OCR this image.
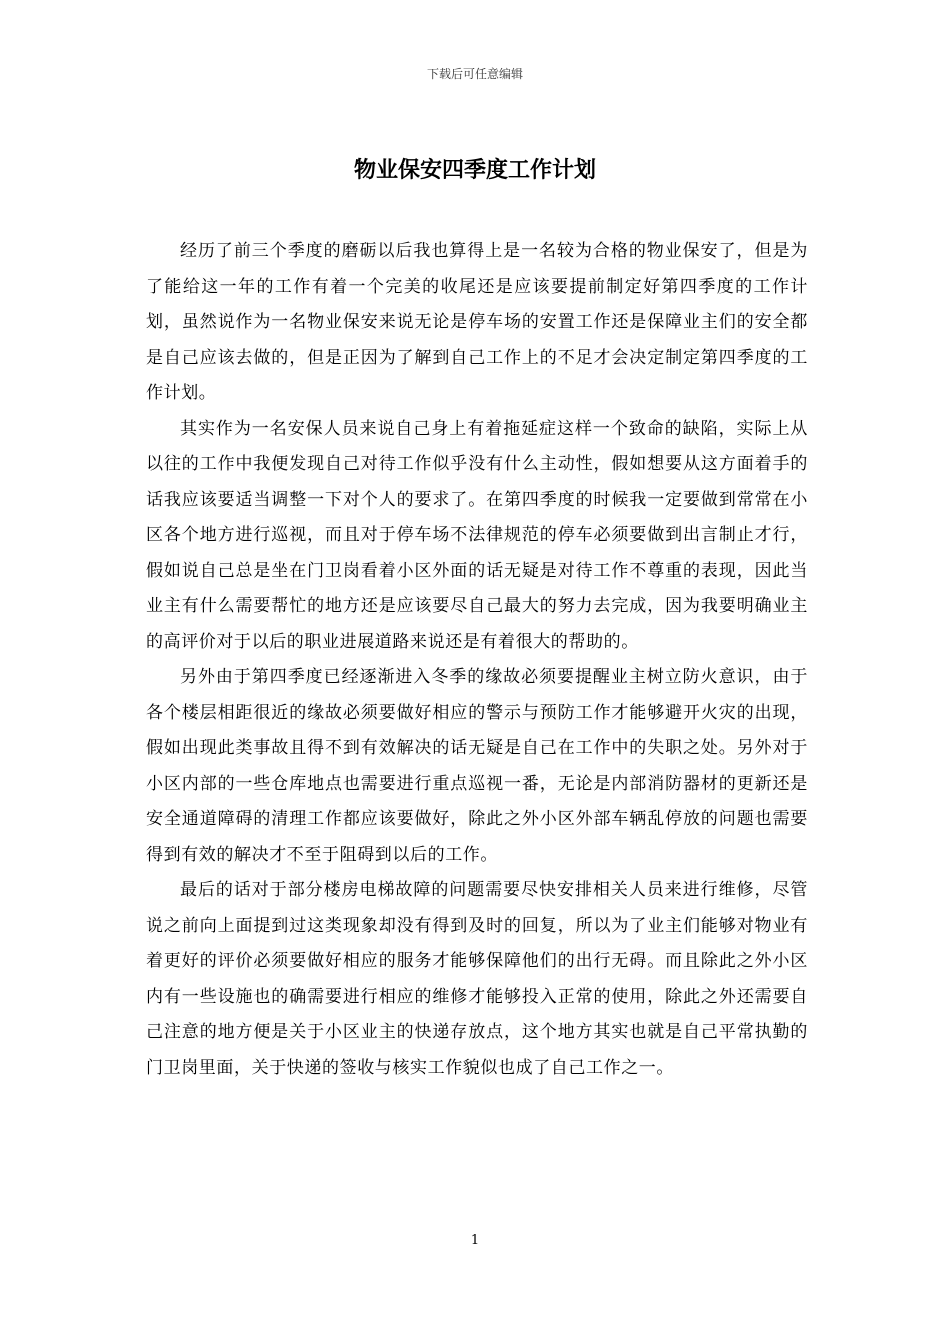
下载后可任意编辑
物业保安四季度工作计划

经历了前三个季度的磨砺以后我也算得上是一名较为合格的物业保安了，但是为了能给这一年的工作有着一个完美的收尾还是应该要提前制定好第四季度的工作计划，虽然说作为一名物业保安来说无论是停车场的安置工作还是保障业主们的安全都是自己应该去做的，但是正因为了解到自己工作上的不足才会决定制定第四季度的工作计划。

其实作为一名安保人员来说自己身上有着拖延症这样一个致命的缺陷，实际上从以往的工作中我便发现自己对待工作似乎没有什么主动性，假如想要从这方面着手的话我应该要适当调整一下对个人的要求了。在第四季度的时候我一定要做到常常在小区各个地方进行巡视，而且对于停车场不法律规范的停车必须要做到出言制止才行，假如说自己总是坐在门卫岗看着小区外面的话无疑是对待工作不尊重的表现，因此当业主有什么需要帮忙的地方还是应该要尽自己最大的努力去完成，因为我要明确业主的高评价对于以后的职业进展道路来说还是有着很大的帮助的。

另外由于第四季度已经逐渐进入冬季的缘故必须要提醒业主树立防火意识，由于各个楼层相距很近的缘故必须要做好相应的警示与预防工作才能够避开火灾的出现，假如出现此类事故且得不到有效解决的话无疑是自己在工作中的失职之处。另外对于小区内部的一些仓库地点也需要进行重点巡视一番，无论是内部消防器材的更新还是安全通道障碍的清理工作都应该要做好，除此之外小区外部车辆乱停放的问题也需要得到有效的解决才不至于阻碍到以后的工作。

最后的话对于部分楼房电梯故障的问题需要尽快安排相关人员来进行维修，尽管说之前向上面提到过这类现象却没有得到及时的回复，所以为了业主们能够对物业有着更好的评价必须要做好相应的服务才能够保障他们的出行无碍。而且除此之外小区内有一些设施也的确需要进行相应的维修才能够投入正常的使用，除此之外还需要自己注意的地方便是关于小区业主的快递存放点，这个地方其实也就是自己平常执勤的门卫岗里面，关于快递的签收与核实工作貌似也成了自己工作之一。

1
